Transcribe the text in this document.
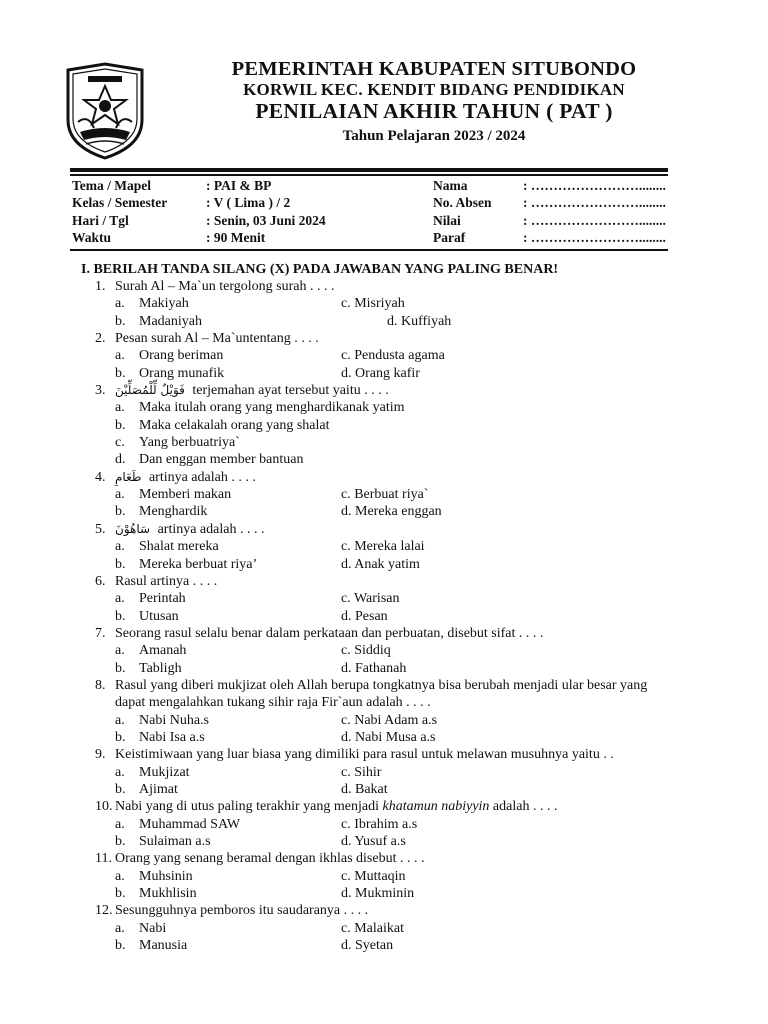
PEMERINTAH KABUPATEN SITUBONDO
KORWIL KEC. KENDIT BIDANG PENDIDIKAN
PENILAIAN AKHIR TAHUN ( PAT )
Tahun Pelajaran 2023 / 2024
Tema / Mapel	: PAI & BP	Nama	: ……………………........
Kelas / Semester	: V ( Lima ) / 2	No. Absen : ……………………........
Hari / Tgl	: Senin, 03 Juni 2024	Nilai	: ……………………........
Waktu	: 90 Menit	Paraf	: ……………………........
I. BERILAH TANDA SILANG (X) PADA JAWABAN YANG PALING BENAR!
1. Surah Al – Ma`un tergolong surah . . . .
a. Makiyah	c. Misriyah
b. Madaniyah	d. Kuffiyah
2. Pesan surah Al – Ma`untentang . . . .
a. Orang beriman	c. Pendusta agama
b. Orang munafik	d. Orang kafir
3. فَوَيْلٌ لِّلْمُصَلِّيْنَ terjemahan ayat tersebut yaitu . . . .
a. Maka itulah orang yang menghardikanak yatim
b. Maka celakalah orang yang shalat
c. Yang berbuatriya`
d. Dan enggan member bantuan
4. طَعَامِ artinya adalah . . . .
a. Memberi makan	c. Berbuat riya`
b. Menghardik	d. Mereka enggan
5. سَاهُوْنَ artinya adalah . . . .
a. Shalat mereka	c. Mereka lalai
b. Mereka berbuat riya’	d. Anak yatim
6. Rasul artinya . . . .
a. Perintah	c. Warisan
b. Utusan	d. Pesan
7. Seorang rasul selalu benar dalam perkataan dan perbuatan, disebut sifat . . . .
a. Amanah	c. Siddiq
b. Tabligh	d. Fathanah
8. Rasul yang diberi mukjizat oleh Allah berupa tongkatnya bisa berubah menjadi ular besar yang
dapat mengalahkan tukang sihir raja Fir`aun adalah . . . .
a. Nabi Nuha.s	c. Nabi Adam a.s
b. Nabi Isa a.s	d. Nabi Musa a.s
9. Keistimiwaan yang luar biasa yang dimiliki para rasul untuk melawan musuhnya yaitu . .
a. Mukjizat	c. Sihir
b. Ajimat	d. Bakat
10. Nabi yang di utus paling terakhir yang menjadi khatamun nabiyyin adalah . . . .
a. Muhammad SAW	c. Ibrahim a.s
b. Sulaiman a.s	d. Yusuf a.s
11. Orang yang senang beramal dengan ikhlas disebut . . . .
a. Muhsinin	c. Muttaqin
b. Mukhlisin	d. Mukminin
12. Sesungguhnya pemboros itu saudaranya . . . .
a. Nabi	c. Malaikat
b. Manusia	d. Syetan
